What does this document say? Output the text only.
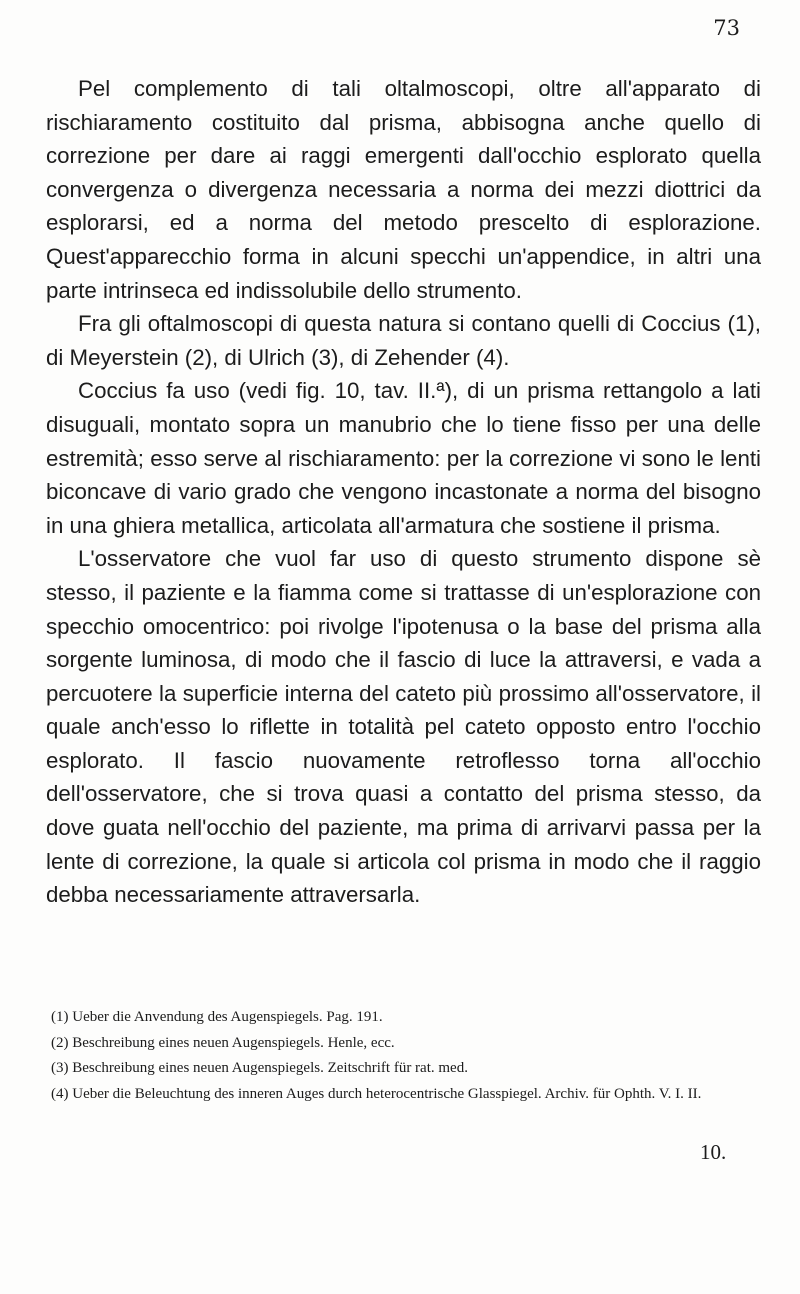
73

Pel complemento di tali oltalmoscopi, oltre all'apparato di rischiaramento costituito dal prisma, abbisogna anche quello di correzione per dare ai raggi emergenti dall'occhio esplorato quella convergenza o divergenza necessaria a norma dei mezzi diottrici da esplorarsi, ed a norma del metodo prescelto di esplorazione. Quest'apparecchio forma in alcuni specchi un'appendice, in altri una parte intrinseca ed indissolubile dello strumento.

Fra gli oftalmoscopi di questa natura si contano quelli di Coccius (1), di Meyerstein (2), di Ulrich (3), di Zehender (4).

Coccius fa uso (vedi fig. 10, tav. II.ª), di un prisma rettangolo a lati disuguali, montato sopra un manubrio che lo tiene fisso per una delle estremità; esso serve al rischiaramento: per la correzione vi sono le lenti biconcave di vario grado che vengono incastonate a norma del bisogno in una ghiera metallica, articolata all'armatura che sostiene il prisma.

L'osservatore che vuol far uso di questo strumento dispone sè stesso, il paziente e la fiamma come si trattasse di un'esplorazione con specchio omocentrico: poi rivolge l'ipotenusa o la base del prisma alla sorgente luminosa, di modo che il fascio di luce la attraversi, e vada a percuotere la superficie interna del cateto più prossimo all'osservatore, il quale anch'esso lo riflette in totalità pel cateto opposto entro l'occhio esplorato. Il fascio nuovamente retroflesso torna all'occhio dell'osservatore, che si trova quasi a contatto del prisma stesso, da dove guata nell'occhio del paziente, ma prima di arrivarvi passa per la lente di correzione, la quale si articola col prisma in modo che il raggio debba necessariamente attraversarla.

(1) Ueber die Anvendung des Augenspiegels. Pag. 191.

(2) Beschreibung eines neuen Augenspiegels. Henle, ecc.

(3) Beschreibung eines neuen Augenspiegels. Zeitschrift für rat. med.

(4) Ueber die Beleuchtung des inneren Auges durch heterocentrische Glasspiegel. Archiv. für Ophth. V. I. II.

10.
